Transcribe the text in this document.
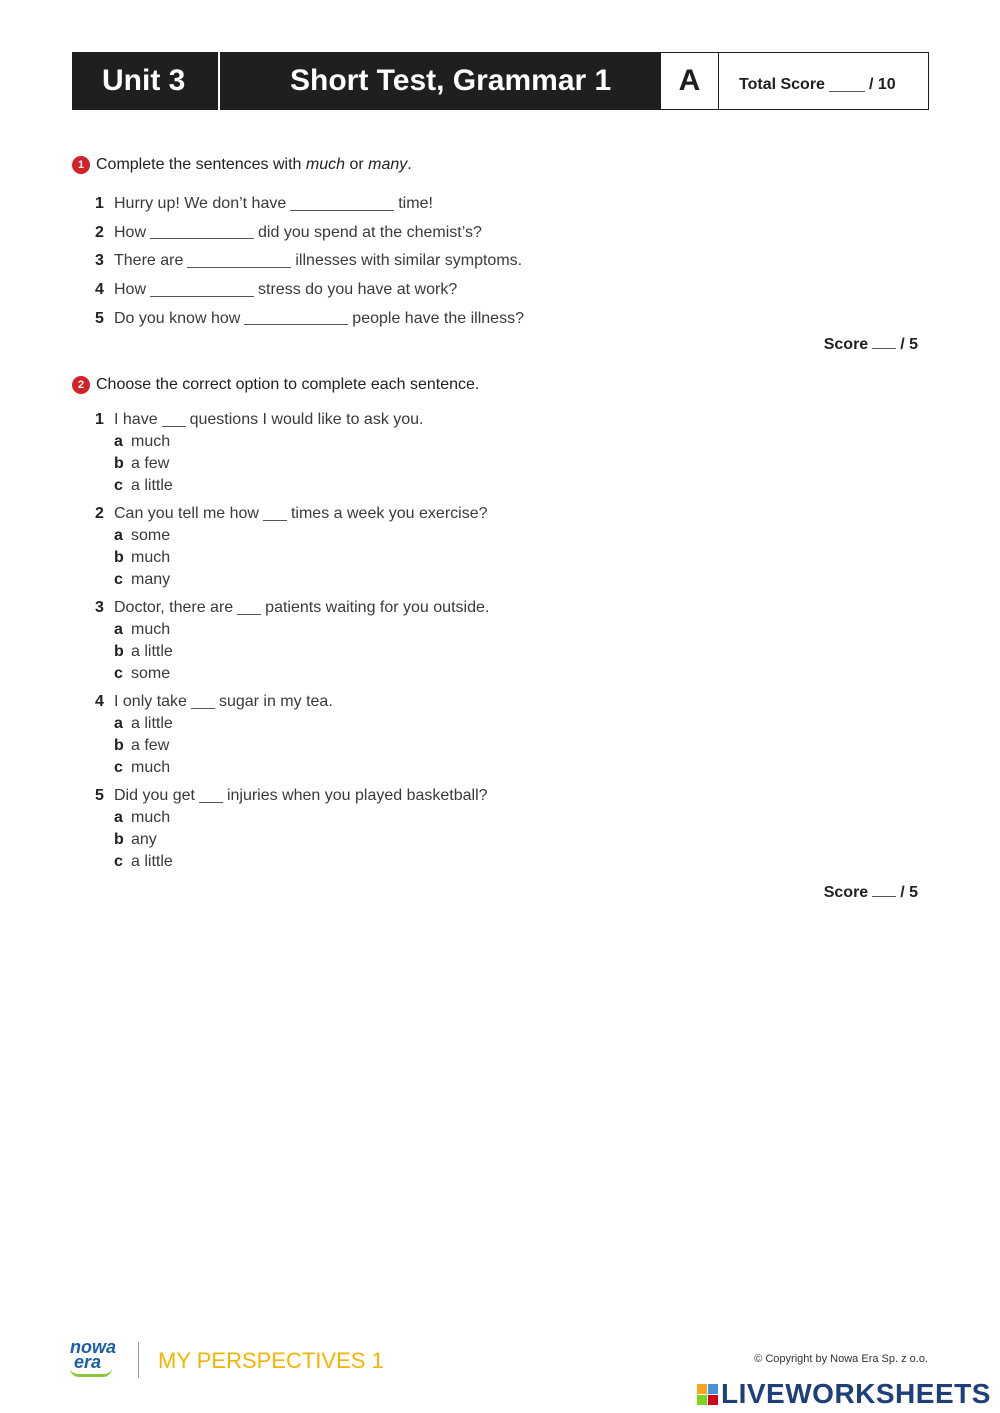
Unit 3	Short Test, Grammar 1	A	Total Score	/ 10
1 Complete the sentences with much or many.
1 Hurry up! We don’t have	time!
2 How	did you spend at the chemist’s?
3 There are	illnesses with similar symptoms.
4 How	stress do you have at work?
5 Do you know how	people have the illness?
Score / 5
2 Choose the correct option to complete each sentence.
1 I have questions I would like to ask you.
a much
b a few
c a little
2 Can you tell me how times a week you exercise?
a some
b much
c many
3 Doctor, there are patients waiting for you outside.
a much
b a little
c some
4 I only take sugar in my tea.
a a little
b a few
c much
5 Did you get injuries when you played basketball?
a much
b any
c a little
Score / 5
nowa
era	MY PERSPECTIVES 1	© Copyright by Nowa Era Sp. z o.o.
LIVEWORKSHEETS
